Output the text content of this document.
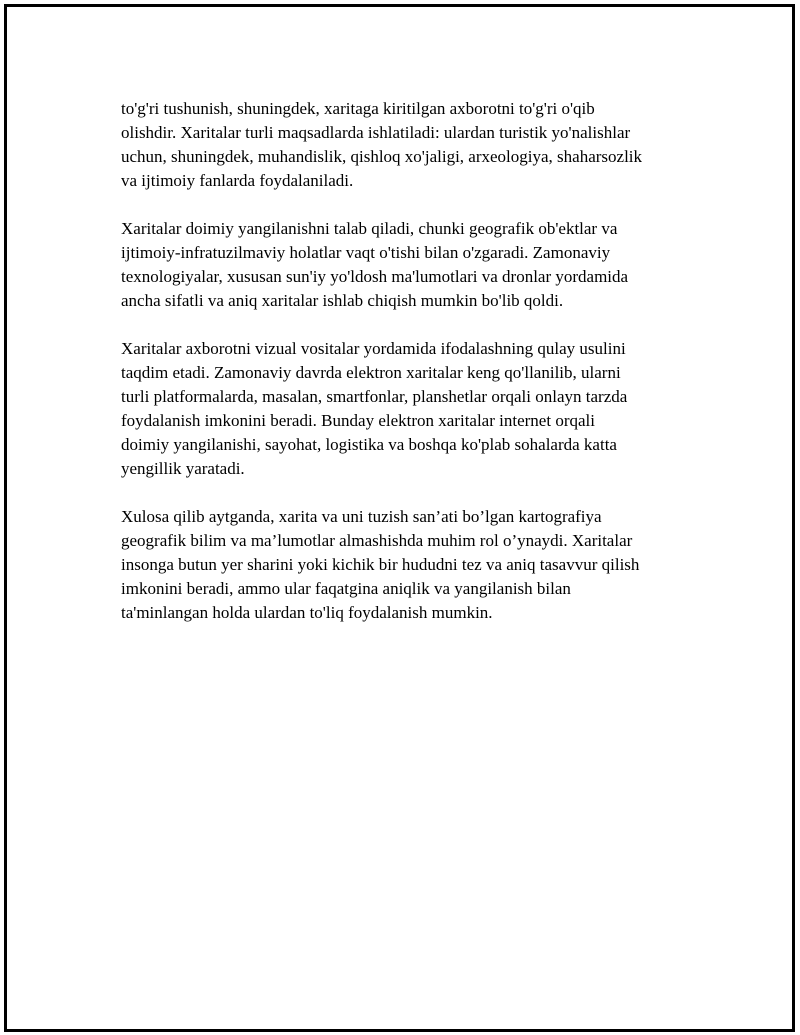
to'g'ri tushunish, shuningdek, xaritaga kiritilgan axborotni to'g'ri o'qib
olishdir. Xaritalar turli maqsadlarda ishlatiladi: ulardan turistik yo'nalishlar
uchun, shuningdek, muhandislik, qishloq xo'jaligi, arxeologiya, shaharsozlik
va ijtimoiy fanlarda foydalaniladi.

Xaritalar doimiy yangilanishni talab qiladi, chunki geografik ob'ektlar va
ijtimoiy-infratuzilmaviy holatlar vaqt o'tishi bilan o'zgaradi. Zamonaviy
texnologiyalar, xususan sun'iy yo'ldosh ma'lumotlari va dronlar yordamida
ancha sifatli va aniq xaritalar ishlab chiqish mumkin bo'lib qoldi.

Xaritalar axborotni vizual vositalar yordamida ifodalashning qulay usulini
taqdim etadi. Zamonaviy davrda elektron xaritalar keng qo'llanilib, ularni
turli platformalarda, masalan, smartfonlar, planshetlar orqali onlayn tarzda
foydalanish imkonini beradi. Bunday elektron xaritalar internet orqali
doimiy yangilanishi, sayohat, logistika va boshqa ko'plab sohalarda katta
yengillik yaratadi.

Xulosa qilib aytganda, xarita va uni tuzish san’ati bo’lgan kartografiya
geografik bilim va ma’lumotlar almashishda muhim rol o’ynaydi. Xaritalar
insonga butun yer sharini yoki kichik bir hududni tez va aniq tasavvur qilish
imkonini beradi, ammo ular faqatgina aniqlik va yangilanish bilan
ta'minlangan holda ulardan to'liq foydalanish mumkin.
